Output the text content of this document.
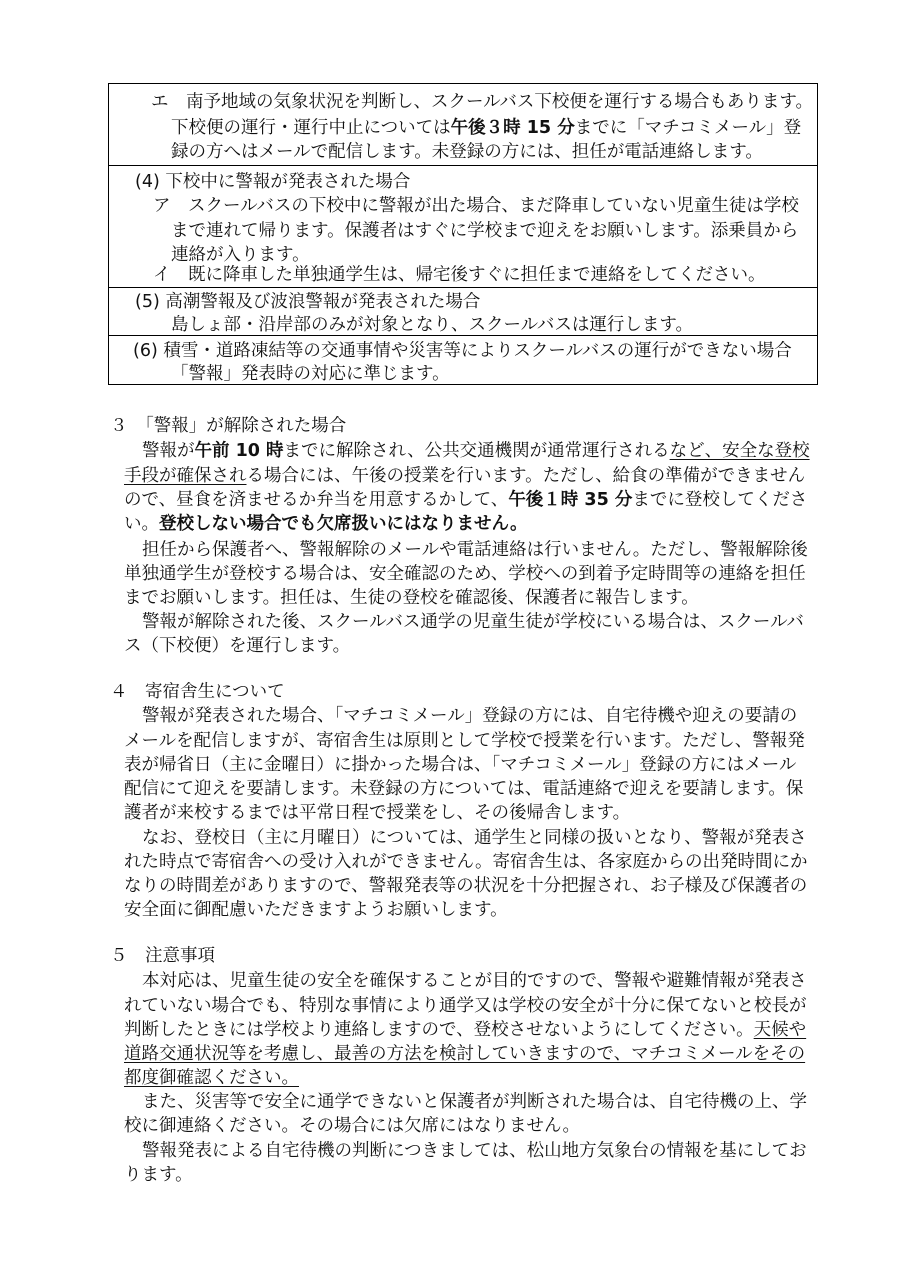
エ　南予地域の気象状況を判断し、スクールバス下校便を運行する場合もあります。
下校便の運行・運行中止については午後３時 15 分までに「マチコミメール」登
録の方へはメールで配信します。未登録の方には、担任が電話連絡します。
(4) 下校中に警報が発表された場合
ア　スクールバスの下校中に警報が出た場合、まだ降車していない児童生徒は学校
まで連れて帰ります。保護者はすぐに学校まで迎えをお願いします。添乗員から
連絡が入ります。
イ　既に降車した単独通学生は、帰宅後すぐに担任まで連絡をしてください。
(5) 高潮警報及び波浪警報が発表された場合
島しょ部・沿岸部のみが対象となり、スクールバスは運行します。
(6) 積雪・道路凍結等の交通事情や災害等によりスクールバスの運行ができない場合
「警報」発表時の対応に準じます。
３　「警報」が解除された場合
警報が午前 10 時までに解除され、公共交通機関が通常運行されるなど、安全な登校
手段が確保される場合には、午後の授業を行います。ただし、給食の準備ができません
ので、昼食を済ませるか弁当を用意するかして、午後１時 35 分までに登校してくださ
い。登校しない場合でも欠席扱いにはなりません。
担任から保護者へ、警報解除のメールや電話連絡は行いません。ただし、警報解除後
単独通学生が登校する場合は、安全確認のため、学校への到着予定時間等の連絡を担任
までお願いします。担任は、生徒の登校を確認後、保護者に報告します。
警報が解除された後、スクールバス通学の児童生徒が学校にいる場合は、スクールバ
ス（下校便）を運行します。
４　寄宿舎生について
警報が発表された場合、「マチコミメール」登録の方には、自宅待機や迎えの要請の
メールを配信しますが、寄宿舎生は原則として学校で授業を行います。ただし、警報発
表が帰省日（主に金曜日）に掛かった場合は、「マチコミメール」登録の方にはメール
配信にて迎えを要請します。未登録の方については、電話連絡で迎えを要請します。保
護者が来校するまでは平常日程で授業をし、その後帰舎します。
なお、登校日（主に月曜日）については、通学生と同様の扱いとなり、警報が発表さ
れた時点で寄宿舎への受け入れができません。寄宿舎生は、各家庭からの出発時間にか
なりの時間差がありますので、警報発表等の状況を十分把握され、お子様及び保護者の
安全面に御配慮いただきますようお願いします。
５　注意事項
本対応は、児童生徒の安全を確保することが目的ですので、警報や避難情報が発表さ
れていない場合でも、特別な事情により通学又は学校の安全が十分に保てないと校長が
判断したときには学校より連絡しますので、登校させないようにしてください。天候や
道路交通状況等を考慮し、最善の方法を検討していきますので、マチコミメールをその
都度御確認ください。
また、災害等で安全に通学できないと保護者が判断された場合は、自宅待機の上、学
校に御連絡ください。その場合には欠席にはなりません。
警報発表による自宅待機の判断につきましては、松山地方気象台の情報を基にしてお
ります。
